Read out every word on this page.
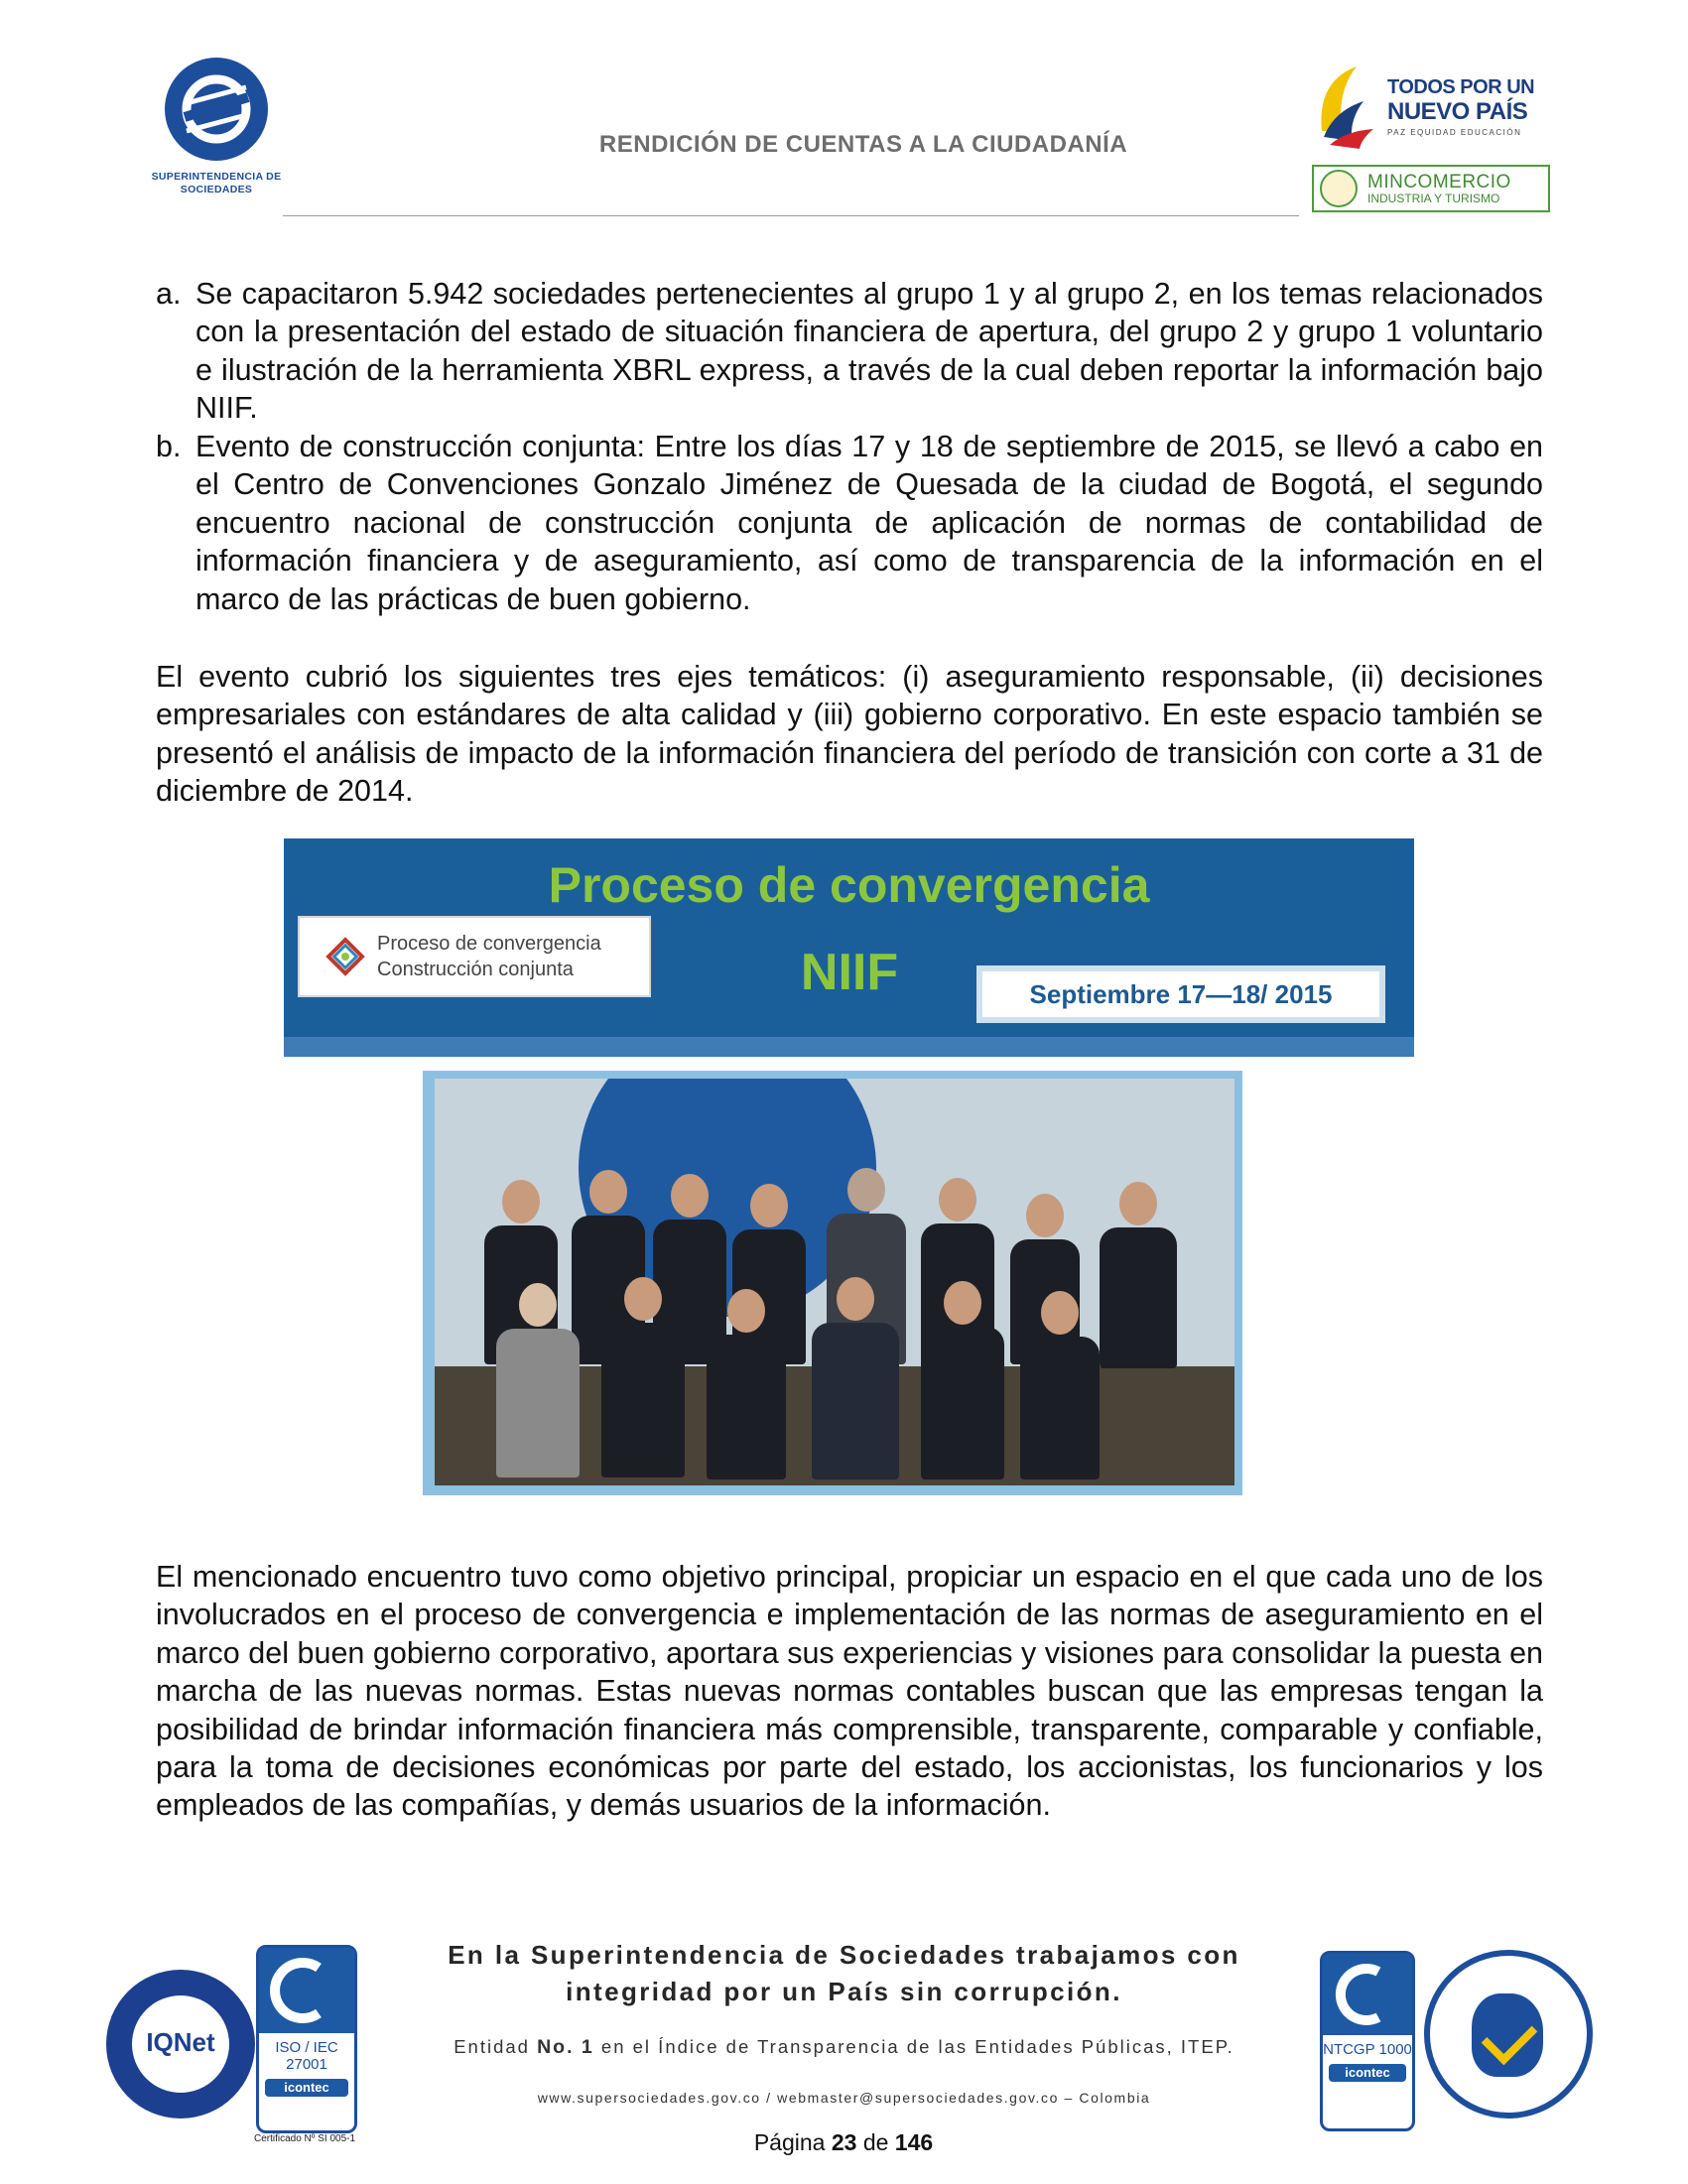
SUPERINTENDENCIA DE SOCIEDADES
RENDICIÓN DE CUENTAS A LA CIUDADANÍA
TODOS POR UN
NUEVO PAÍS
PAZ EQUIDAD EDUCACIÓN
MINCOMERCIO
INDUSTRIA Y TURISMO
a. Se capacitaron 5.942 sociedades pertenecientes al grupo 1 y al grupo 2, en los temas relacionados con la presentación del estado de situación financiera de apertura, del grupo 2 y grupo 1 voluntario e ilustración de la herramienta XBRL express, a través de la cual deben reportar la información bajo NIIF.
b. Evento de construcción conjunta: Entre los días 17 y 18 de septiembre de 2015, se llevó a cabo en el Centro de Convenciones Gonzalo Jiménez de Quesada de la ciudad de Bogotá, el segundo encuentro nacional de construcción conjunta de aplicación de normas de contabilidad de información financiera y de aseguramiento, así como de transparencia de la información en el marco de las prácticas de buen gobierno.
El evento cubrió los siguientes tres ejes temáticos: (i) aseguramiento responsable, (ii) decisiones empresariales con estándares de alta calidad y (iii) gobierno corporativo. En este espacio también se presentó el análisis de impacto de la información financiera del período de transición con corte a 31 de diciembre de 2014.
Proceso de convergencia
Proceso de convergencia
Construcción conjunta	NIIF	Septiembre 17—18/ 2015
El mencionado encuentro tuvo como objetivo principal, propiciar un espacio en el que cada uno de los involucrados en el proceso de convergencia e implementación de las normas de aseguramiento en el marco del buen gobierno corporativo, aportara sus experiencias y visiones para consolidar la puesta en marcha de las nuevas normas. Estas nuevas normas contables buscan que las empresas tengan la posibilidad de brindar información financiera más comprensible, transparente, comparable y confiable, para la toma de decisiones económicas por parte del estado, los accionistas, los funcionarios y los empleados de las compañías, y demás usuarios de la información.
IQNet	ISO / IEC 27001
icontec
Certificado Nº SI 005-1
NTCGP 1000
icontec
En la Superintendencia de Sociedades trabajamos con
integridad por un País sin corrupción.
Entidad No. 1 en el Índice de Transparencia de las Entidades Públicas, ITEP.
www.supersociedades.gov.co / webmaster@supersociedades.gov.co – Colombia
Página 23 de 146
